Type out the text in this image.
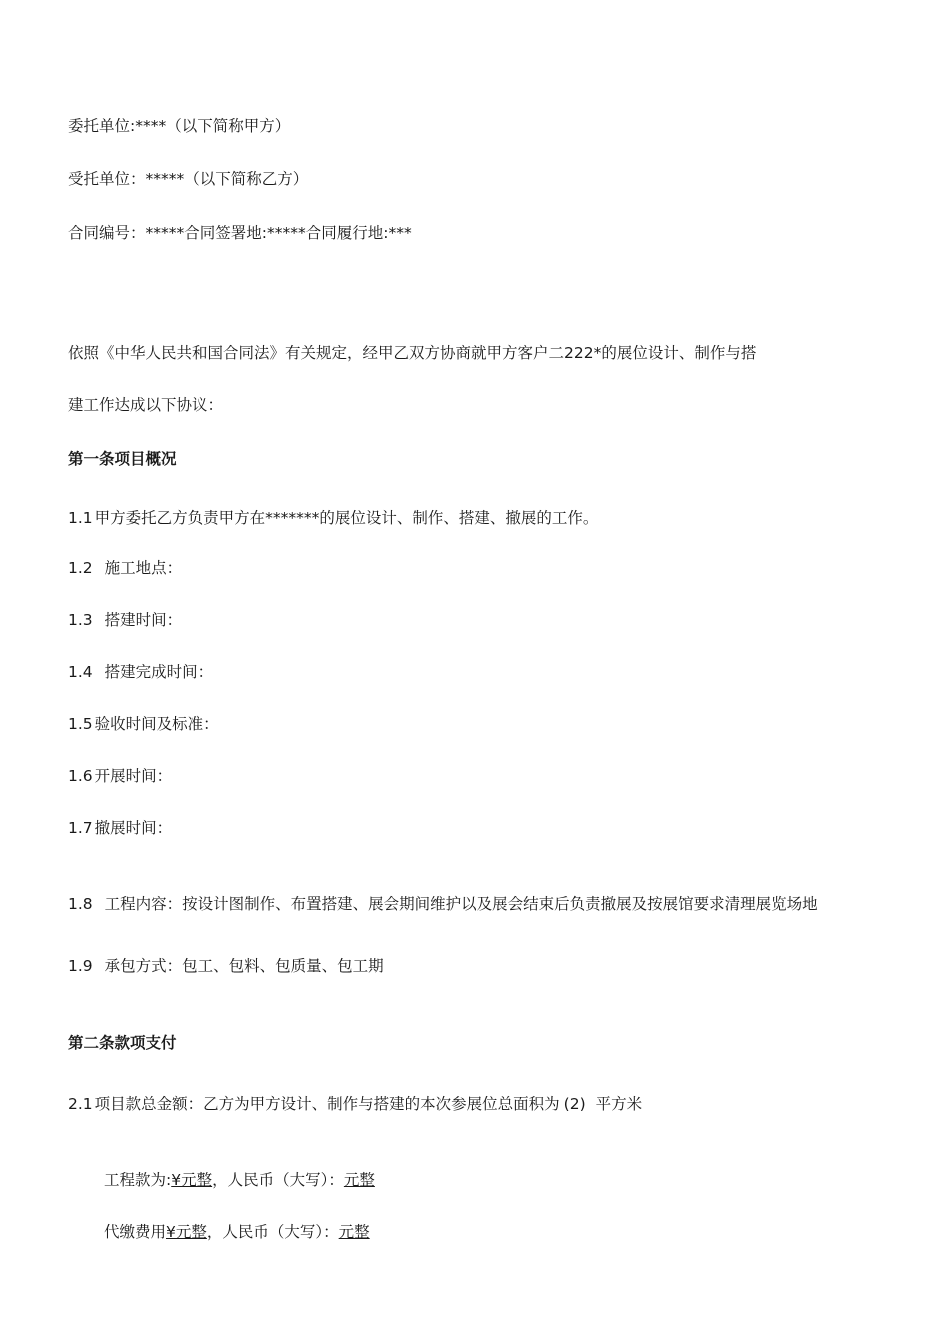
委托单位:****（以下简称甲方）
受托单位：*****（以下简称乙方）
合同编号：*****合同签署地:*****合同履行地:***
依照《中华人民共和国合同法》有关规定，经甲乙双方协商就甲方客户二222*的展位设计、制作与搭
建工作达成以下协议：
第一条项目概况
1.1 甲方委托乙方负责甲方在*******的展位设计、制作、搭建、撤展的工作。
1.2 施工地点：
1.3 搭建时间：
1.4 搭建完成时间：
1.5 验收时间及标准：
1.6 开展时间：
1.7 撤展时间：
1.8 工程内容：按设计图制作、布置搭建、展会期间维护以及展会结束后负责撤展及按展馆要求清理展览场地
1.9 承包方式：包工、包料、包质量、包工期
第二条款项支付
2.1 项目款总金额：乙方为甲方设计、制作与搭建的本次参展位总面积为 (2) 平方米
工程款为:¥元整，人民币（大写）：元整
代缴费用¥元整，人民币（大写）：元整
